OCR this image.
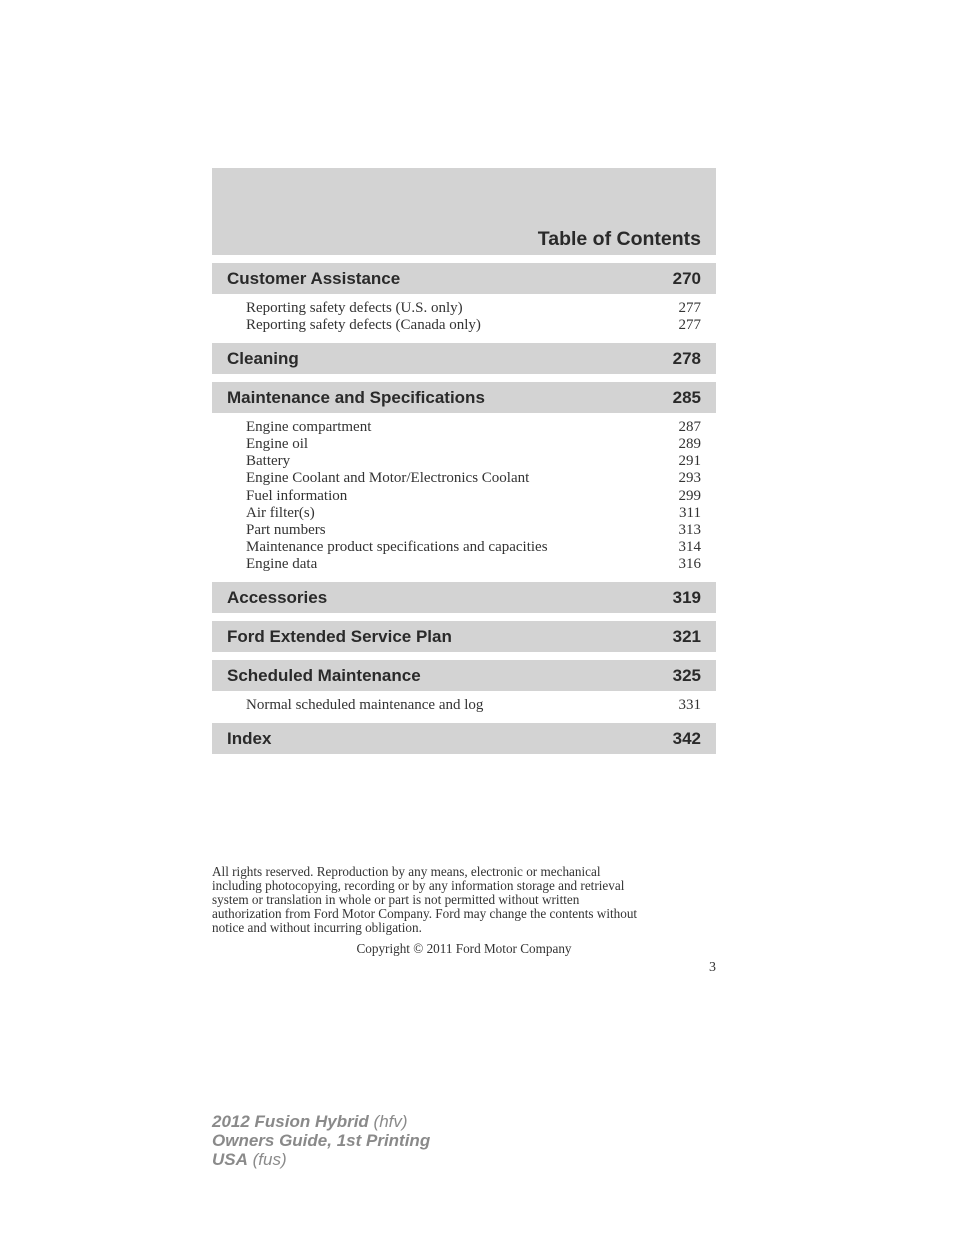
Table of Contents
Customer Assistance	270
Reporting safety defects (U.S. only)	277
Reporting safety defects (Canada only)	277
Cleaning	278
Maintenance and Specifications	285
Engine compartment	287
Engine oil	289
Battery	291
Engine Coolant and Motor/Electronics Coolant	293
Fuel information	299
Air filter(s)	311
Part numbers	313
Maintenance product specifications and capacities	314
Engine data	316
Accessories	319
Ford Extended Service Plan	321
Scheduled Maintenance	325
Normal scheduled maintenance and log	331
Index	342
All rights reserved. Reproduction by any means, electronic or mechanical
including photocopying, recording or by any information storage and retrieval
system or translation in whole or part is not permitted without written
authorization from Ford Motor Company. Ford may change the contents without
notice and without incurring obligation.
Copyright © 2011 Ford Motor Company
3
2012 Fusion Hybrid (hfv)
Owners Guide, 1st Printing
USA (fus)
